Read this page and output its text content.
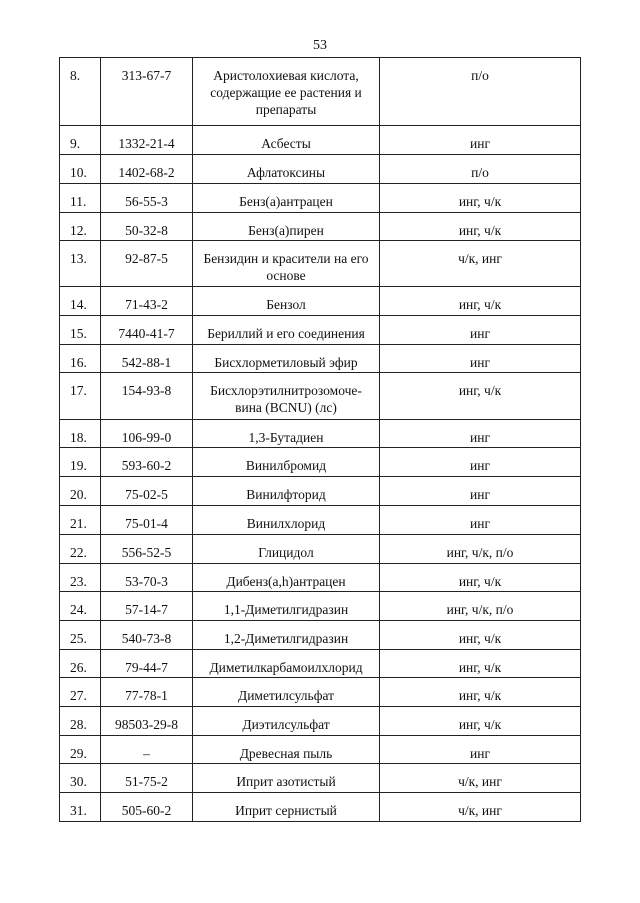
53
8.	313-67-7	Аристолохиевая кислота, содержащие ее растения и препараты	п/о
9.	1332-21-4	Асбесты	инг
10.	1402-68-2	Афлатоксины	п/о
11.	56-55-3	Бенз(а)антрацен	инг, ч/к
12.	50-32-8	Бенз(а)пирен	инг, ч/к
13.	92-87-5	Бензидин и красители на его основе	ч/к, инг
14.	71-43-2	Бензол	инг, ч/к
15.	7440-41-7	Бериллий и его соединения	инг
16.	542-88-1	Бисхлорметиловый эфир	инг
17.	154-93-8	Бисхлорэтилнитрозомоче-вина (BCNU) (лс)	инг, ч/к
18.	106-99-0	1,3-Бутадиен	инг
19.	593-60-2	Винилбромид	инг
20.	75-02-5	Винилфторид	инг
21.	75-01-4	Винилхлорид	инг
22.	556-52-5	Глицидол	инг, ч/к, п/о
23.	53-70-3	Дибенз(а,h)антрацен	инг, ч/к
24.	57-14-7	1,1-Диметилгидразин	инг, ч/к, п/о
25.	540-73-8	1,2-Диметилгидразин	инг, ч/к
26.	79-44-7	Диметилкарбамоилхлорид	инг, ч/к
27.	77-78-1	Диметилсульфат	инг, ч/к
28.	98503-29-8	Диэтилсульфат	инг, ч/к
29.	–	Древесная пыль	инг
30.	51-75-2	Иприт азотистый	ч/к, инг
31.	505-60-2	Иприт сернистый	ч/к, инг
